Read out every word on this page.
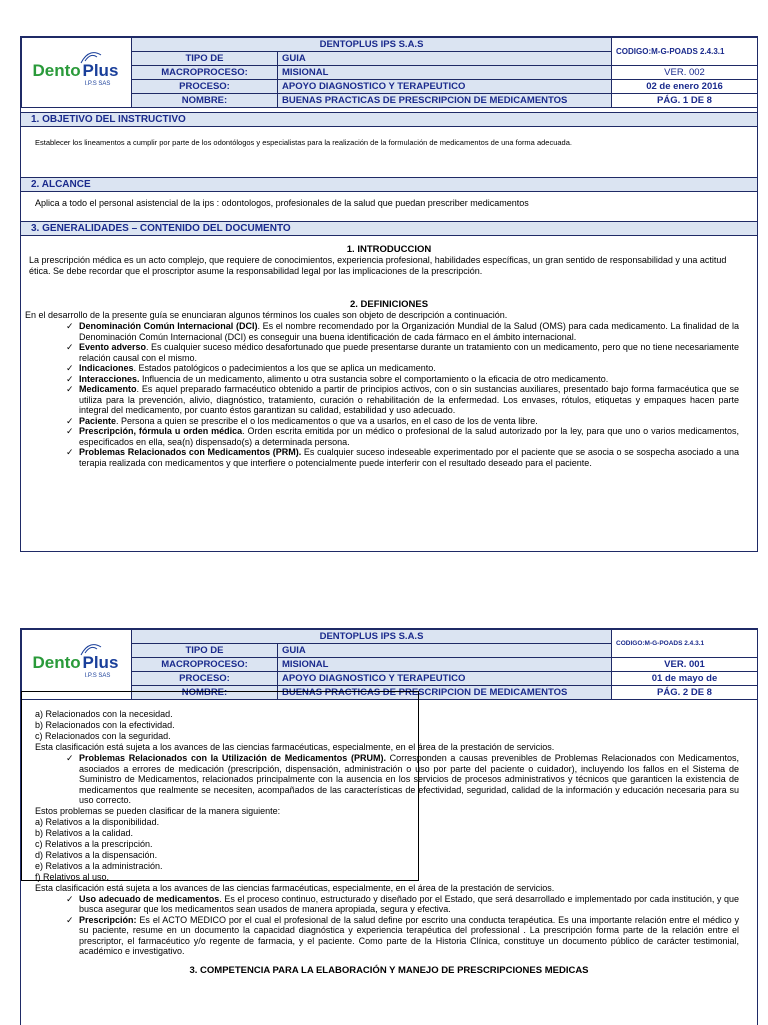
Dento Plus
I.P.S SAS	DENTOPLUS IPS S.A.S		CODIGO:M-G-POADS 2.4.3.1
	TIPO DE	GUIA	
	MACROPROCESO:	MISIONAL	VER. 002
	PROCESO:	APOYO DIAGNOSTICO Y TERAPEUTICO	02 de enero 2016
	NOMBRE:	BUENAS PRACTICAS DE PRESCRIPCION DE MEDICAMENTOS	PÁG. 1 DE 8
1. OBJETIVO DEL INSTRUCTIVO
Establecer los lineamentos a cumplir por parte de los odontólogos y especialistas para la realización de la formulación de medicamentos de una forma adecuada.
2. ALCANCE
Aplica a todo el personal asistencial de la ips : odontologos, profesionales de la salud que puedan prescriber medicamentos
3. GENERALIDADES – CONTENIDO DEL DOCUMENTO
1. INTRODUCCION
La prescripción médica es un acto complejo, que requiere de conocimientos, experiencia profesional, habilidades específicas, un gran sentido de responsabilidad y una actitud ética. Se debe recordar que el proscriptor asume la responsabilidad legal por las implicaciones de la prescripción.
2. DEFINICIONES
En el desarrollo de la presente guía se enunciaran algunos términos los cuales son objeto de descripción a continuación.
✓ Denominación Común Internacional (DCI). Es el nombre recomendado por la Organización Mundial de la Salud (OMS) para cada medicamento. La finalidad de la Denominación Común Internacional (DCI) es conseguir una buena identificación de cada fármaco en el ámbito internacional.
✓ Evento adverso. Es cualquier suceso médico desafortunado que puede presentarse durante un tratamiento con un medicamento, pero que no tiene necesariamente relación causal con el mismo.
✓ Indicaciones. Estados patológicos o padecimientos a los que se aplica un medicamento.
✓ Interacciones. Influencia de un medicamento, alimento u otra sustancia sobre el comportamiento o la eficacia de otro medicamento.
✓ Medicamento. Es aquel preparado farmacéutico obtenido a partir de principios activos, con o sin sustancias auxiliares, presentado bajo forma farmacéutica que se utiliza para la prevención, alivio, diagnóstico, tratamiento, curación o rehabilitación de la enfermedad. Los envases, rótulos, etiquetas y empaques hacen parte integral del medicamento, por cuanto éstos garantizan su calidad, estabilidad y uso adecuado.
✓ Paciente. Persona a quien se prescribe el o los medicamentos o que va a usarlos, en el caso de los de venta libre.
✓ Prescripción, fórmula u orden médica. Orden escrita emitida por un médico o profesional de la salud autorizado por la ley, para que uno o varios medicamentos, especificados en ella, sea(n) dispensado(s) a determinada persona.
✓ Problemas Relacionados con Medicamentos (PRM). Es cualquier suceso indeseable experimentado por el paciente que se asocia o se sospecha asociado a una terapia realizada con medicamentos y que interfiere o potencialmente puede interferir con el resultado deseado para el paciente.
Dento Plus
I.P.S SAS	DENTOPLUS IPS S.A.S		CODIGO:M-G-POADS 2.4.3.1
	TIPO DE	GUIA	
	MACROPROCESO:	MISIONAL	VER. 001
	PROCESO:	APOYO DIAGNOSTICO Y TERAPEUTICO	01 de mayo de
	NOMBRE:	BUENAS PRACTICAS DE PRESCRIPCION DE MEDICAMENTOS	PÁG. 2 DE 8
a) Relacionados con la necesidad.
b) Relacionados con la efectividad.
c) Relacionados con la seguridad.
Esta clasificación está sujeta a los avances de las ciencias farmacéuticas, especialmente, en el área de la prestación de servicios.
✓ Problemas Relacionados con la Utilización de Medicamentos (PRUM). Corresponden a causas prevenibles de Problemas Relacionados con Medicamentos, asociados a errores de medicación (prescripción, dispensación, administración o uso por parte del paciente o cuidador), incluyendo los fallos en el Sistema de Suministro de Medicamentos, relacionados principalmente con la ausencia en los servicios de procesos administrativos y técnicos que garanticen la existencia de medicamentos que realmente se necesiten, acompañados de las características de efectividad, seguridad, calidad de la información y educación necesaria para su uso correcto.
Estos problemas se pueden clasificar de la manera siguiente:
a) Relativos a la disponibilidad.
b) Relativos a la calidad.
c) Relativos a la prescripción.
d) Relativos a la dispensación.
e) Relativos a la administración.
f) Relativos al uso.
Esta clasificación está sujeta a los avances de las ciencias farmacéuticas, especialmente, en el área de la prestación de servicios.
✓ Uso adecuado de medicamentos. Es el proceso continuo, estructurado y diseñado por el Estado, que será desarrollado e implementado por cada institución, y que busca asegurar que los medicamentos sean usados de manera apropiada, segura y efectiva.
✓ Prescripción: Es el ACTO MEDICO por el cual el profesional de la salud define por escrito una conducta terapéutica. Es una importante relación entre el médico y su paciente, resume en un documento la capacidad diagnóstica y experiencia terapéutica del professional . La prescripción forma parte de la relación entre el prescriptor, el farmacéutico y/o regente de farmacia, y el paciente. Como parte de la Historia Clínica, constituye un documento público de carácter testimonial, académico e investigativo.
3. COMPETENCIA PARA LA ELABORACIÓN Y MANEJO DE PRESCRIPCIONES MEDICAS
